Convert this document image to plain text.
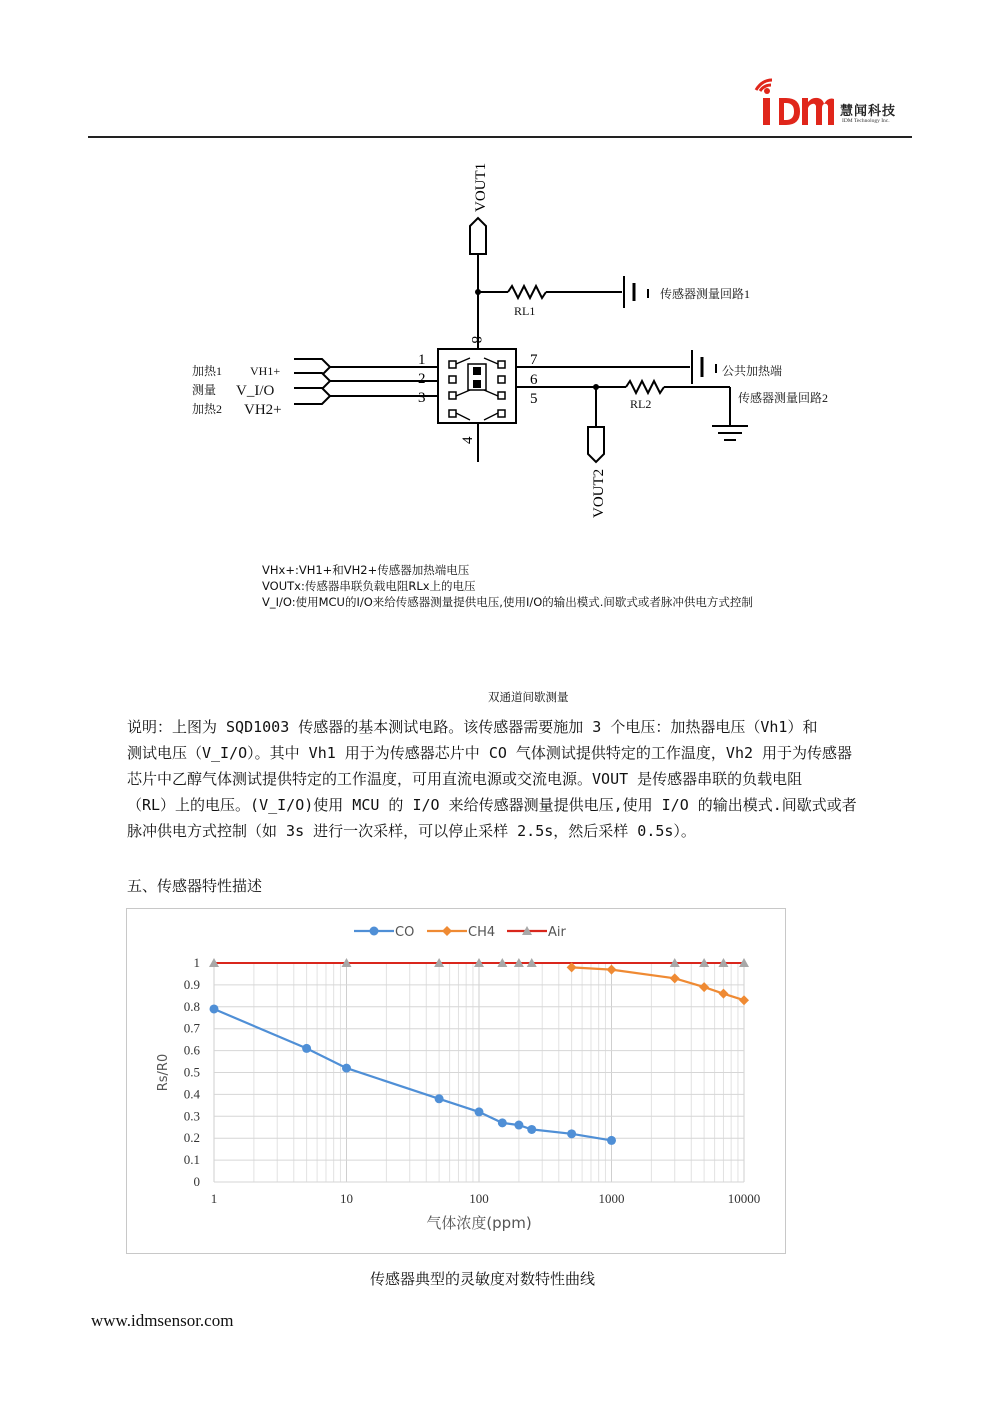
慧闻科技
IDM Technology Inc.
VOUT1
VOUT2
1
2
3
4
5
6
7
8
RL1
RL2
传感器测量回路1
公共加热端
传感器测量回路2
加热1
测量
加热2
VH1+
V_I/O
VH2+
VHx+:VH1+和VH2+传感器加热端电压
VOUTx:传感器串联负载电阻RLx上的电压
V_I/O:使用MCU的I/O来给传感器测量提供电压,使用I/O的输出模式.间歇式或者脉冲供电方式控制
双通道间歇测量
说明：上图为 SQD1003 传感器的基本测试电路。该传感器需要施加 3 个电压：加热器电压（Vh1）和
测试电压（V_I/O）。其中 Vh1 用于为传感器芯片中 CO 气体测试提供特定的工作温度，Vh2 用于为传感器
芯片中乙醇气体测试提供特定的工作温度，可用直流电源或交流电源。VOUT 是传感器串联的负载电阻
（RL）上的电压。(V_I/O)使用 MCU 的 I/O 来给传感器测量提供电压,使用 I/O 的输出模式.间歇式或者
脉冲供电方式控制（如 3s 进行一次采样，可以停止采样 2.5s，然后采样 0.5s）。
五、传感器特性描述
0
0.1
0.2
0.3
0.4
0.5
0.6
0.7
0.8
0.9
1
1	10	100	1000	10000
气体浓度(ppm)
Rs/R0
CO	CH4	Air
传感器典型的灵敏度对数特性曲线
www.idmsensor.com
